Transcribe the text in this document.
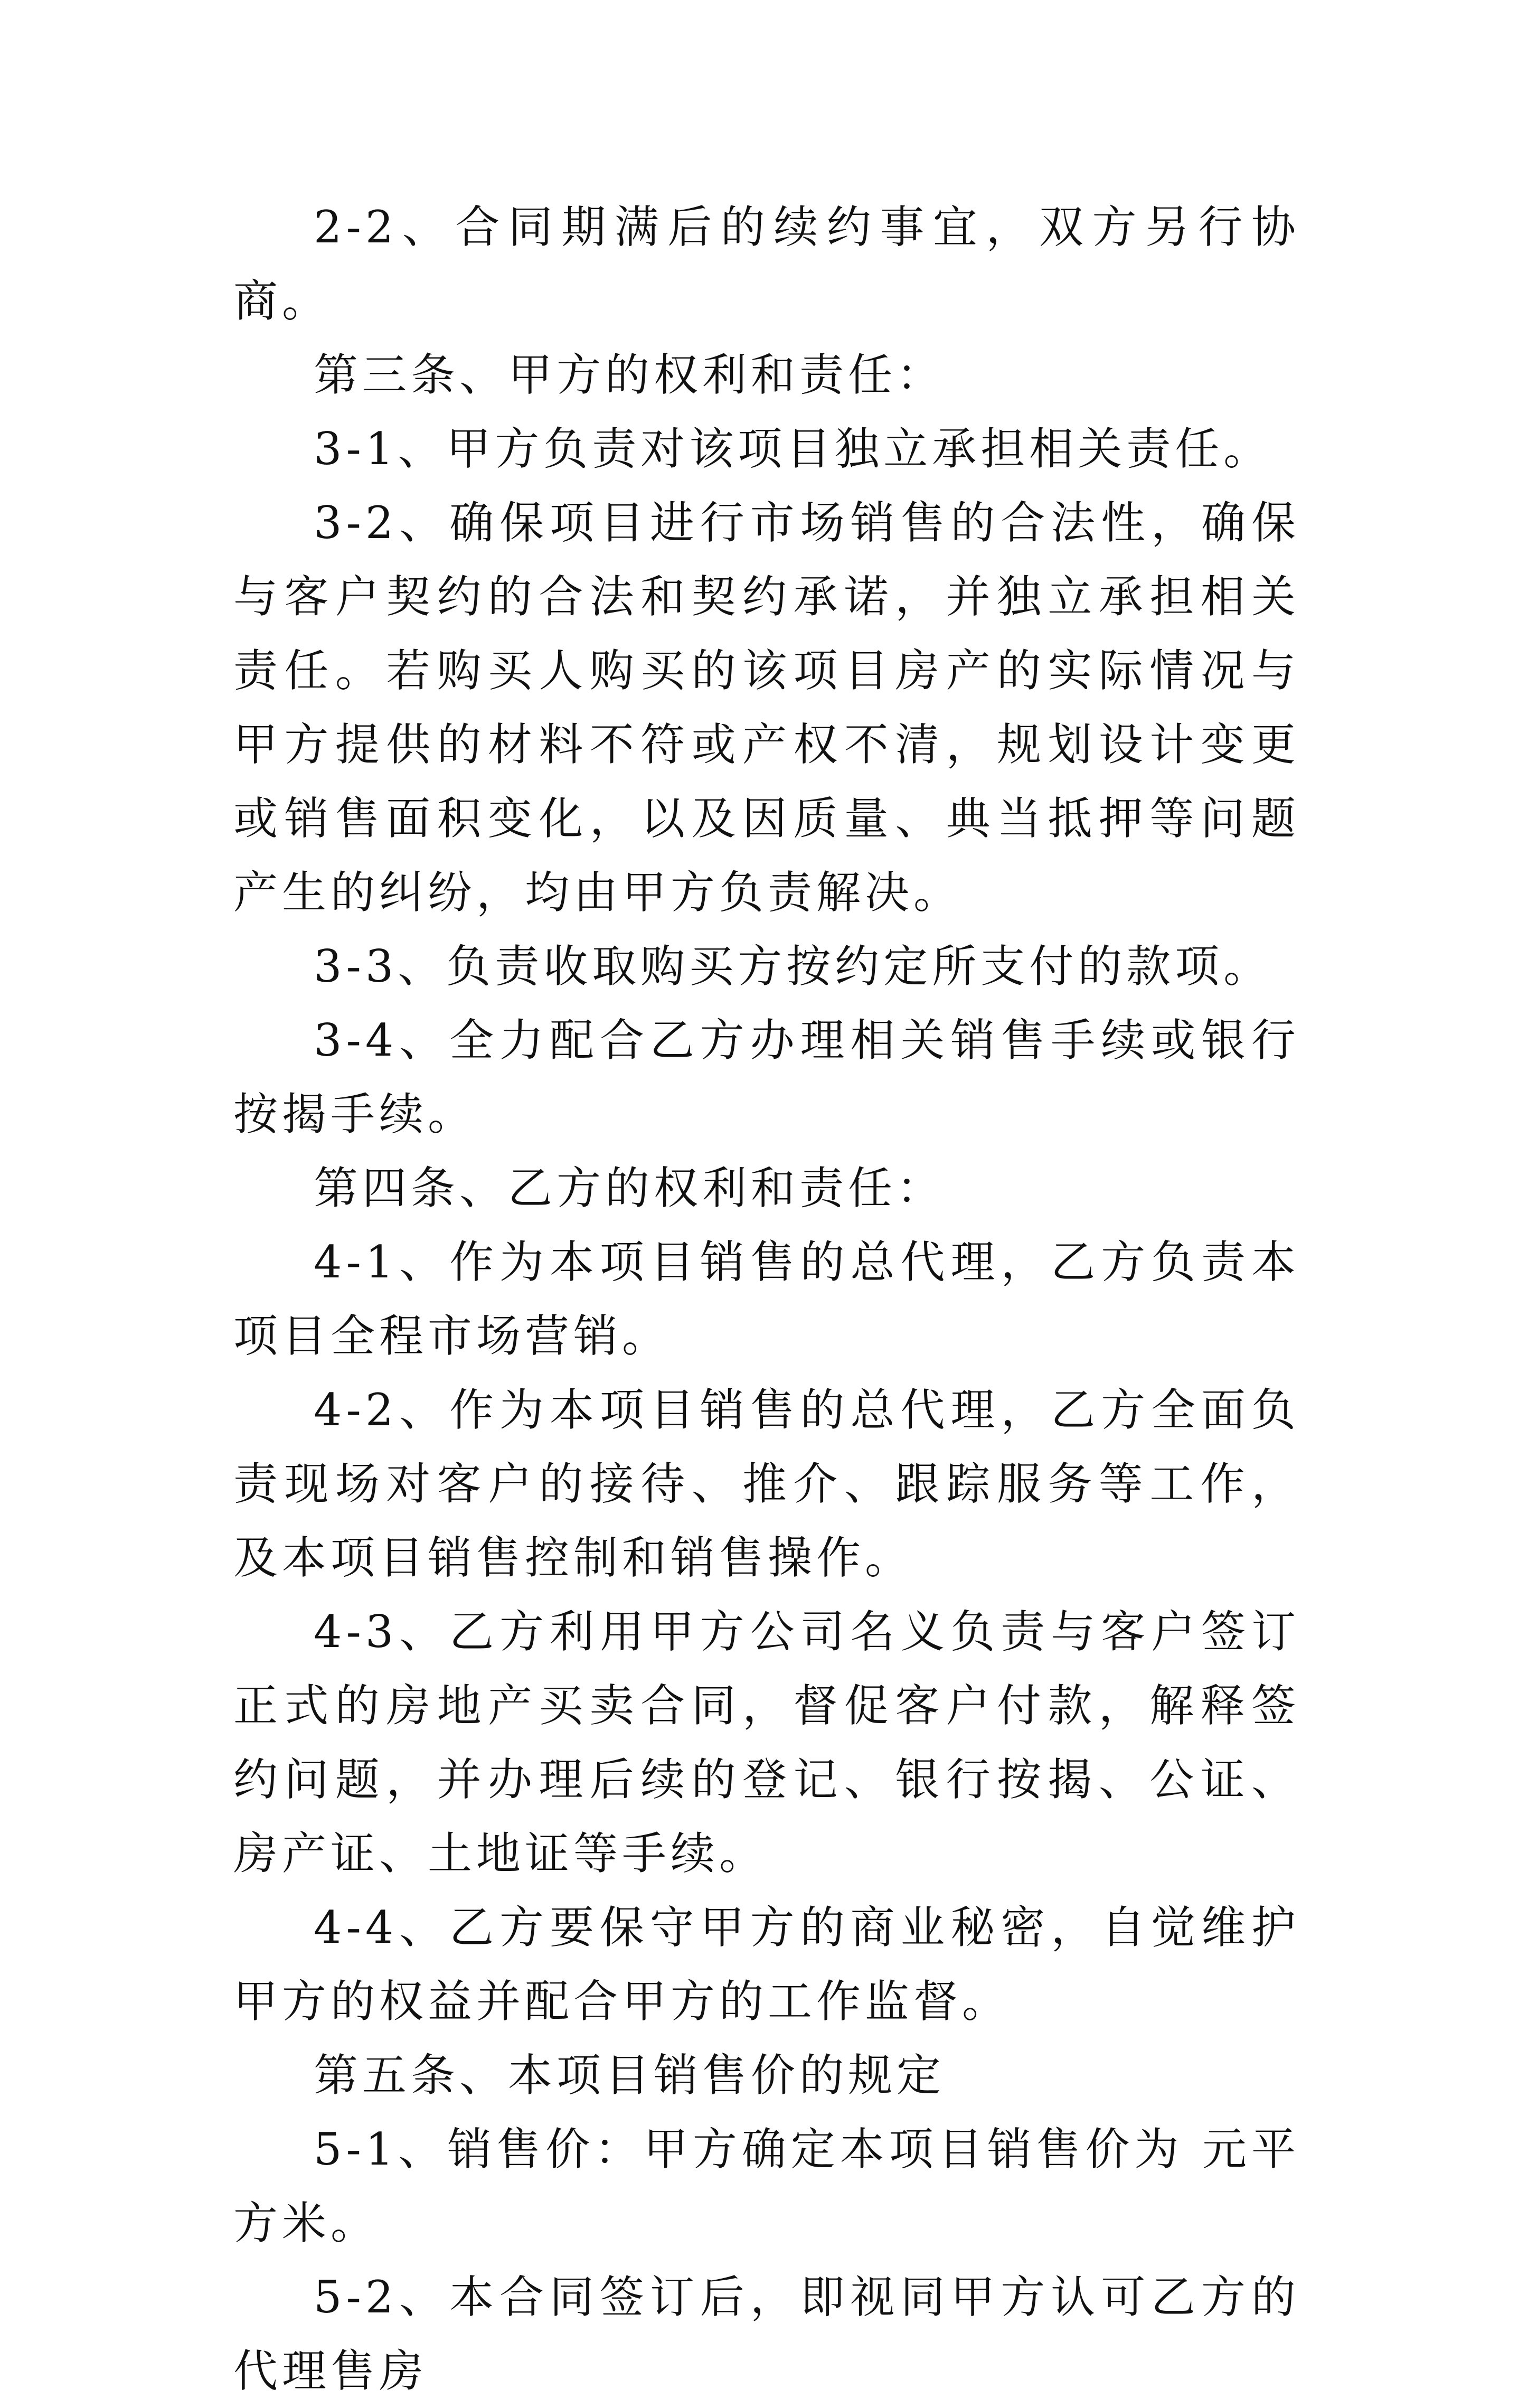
2-2、合同期满后的续约事宜，双方另行协商。

第三条、甲方的权利和责任：

3-1、甲方负责对该项目独立承担相关责任。

3-2、确保项目进行市场销售的合法性，确保与客户契约的合法和契约承诺，并独立承担相关责任。若购买人购买的该项目房产的实际情况与甲方提供的材料不符或产权不清，规划设计变更或销售面积变化，以及因质量、典当抵押等问题产生的纠纷，均由甲方负责解决。

3-3、负责收取购买方按约定所支付的款项。

3-4、全力配合乙方办理相关销售手续或银行按揭手续。

第四条、乙方的权利和责任：

4-1、作为本项目销售的总代理，乙方负责本项目全程市场营销。

4-2、作为本项目销售的总代理，乙方全面负责现场对客户的接待、推介、跟踪服务等工作，及本项目销售控制和销售操作。

4-3、乙方利用甲方公司名义负责与客户签订正式的房地产买卖合同，督促客户付款，解释签约问题，并办理后续的登记、银行按揭、公证、房产证、土地证等手续。

4-4、乙方要保守甲方的商业秘密，自觉维护甲方的权益并配合甲方的工作监督。

第五条、本项目销售价的规定

5-1、销售价：甲方确定本项目销售价为 元平方米。

5-2、本合同签订后，即视同甲方认可乙方的代理售房
